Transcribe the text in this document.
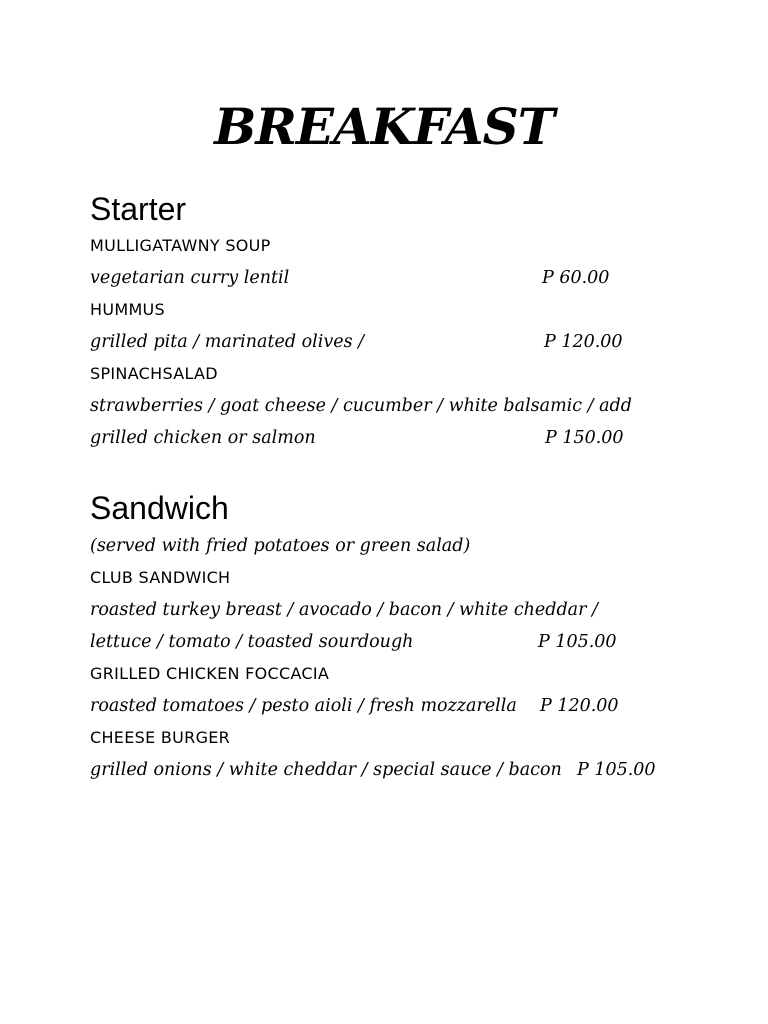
BREAKFAST
Starter
MULLIGATAWNY SOUP
vegetarian curry lentil	P 60.00
HUMMUS
grilled pita / marinated olives /	P 120.00
SPINACHSALAD
strawberries / goat cheese / cucumber / white balsamic / add
grilled chicken or salmon	P 150.00
Sandwich
(served with fried potatoes or green salad)
CLUB SANDWICH
roasted turkey breast / avocado / bacon / white cheddar /
lettuce / tomato / toasted sourdough	P 105.00
GRILLED CHICKEN FOCCACIA
roasted tomatoes / pesto aioli / fresh mozzarella P 120.00
CHEESE BURGER
grilled onions / white cheddar / special sauce / bacon P 105.00
